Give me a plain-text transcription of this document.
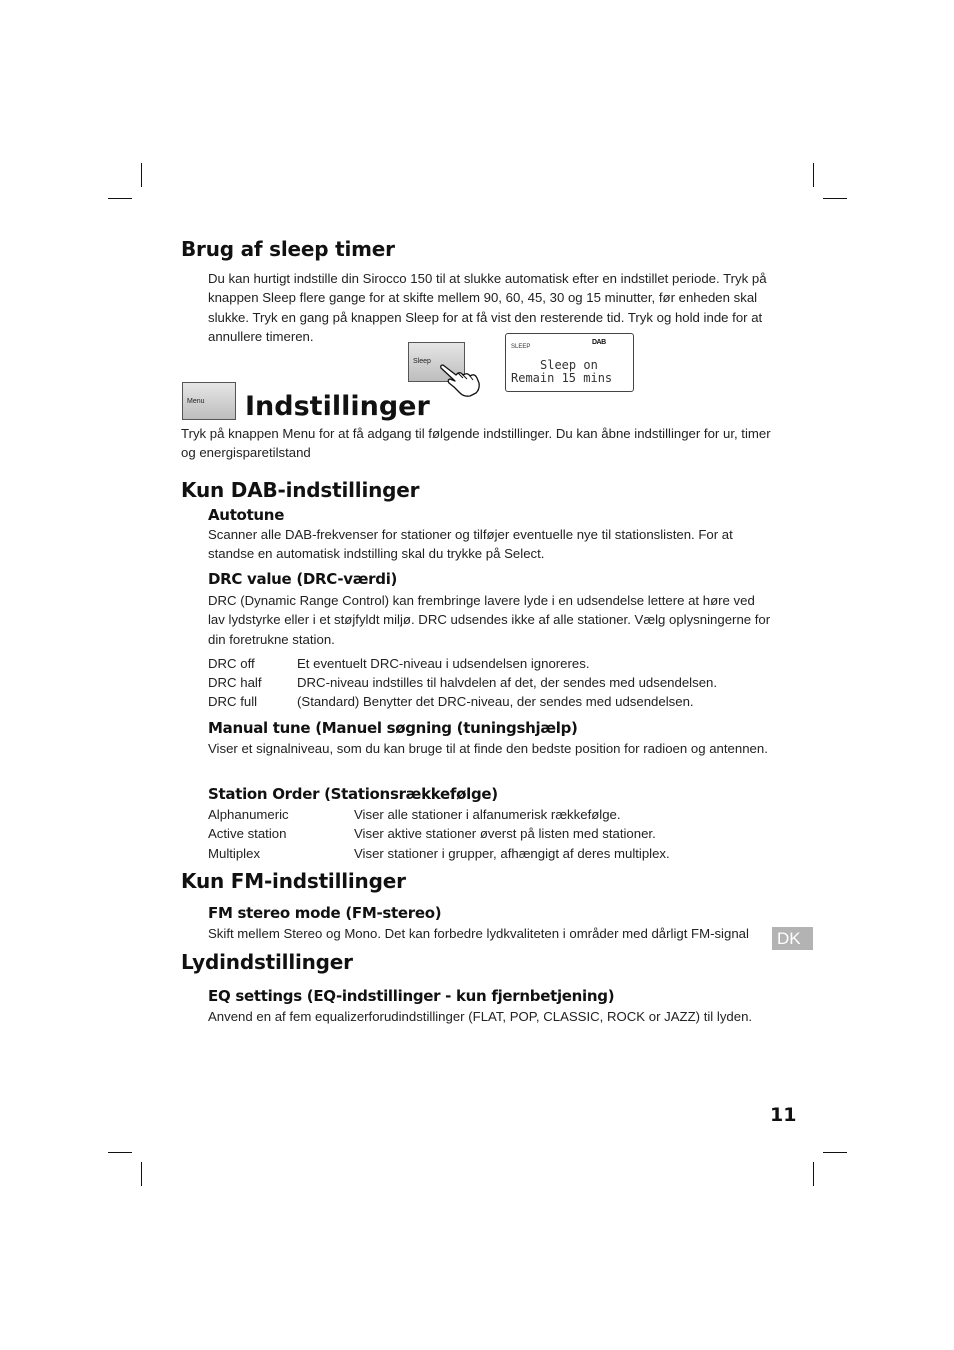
Brug af sleep timer

Du kan hurtigt indstille din Sirocco 150 til at slukke automatisk efter en indstillet periode. Tryk på knappen Sleep flere gange for at skifte mellem 90, 60, 45, 30 og 15 minutter, før enheden skal slukke. Tryk en gang på knappen Sleep for at få vist den resterende tid. Tryk og hold inde for at annullere timeren.

Sleep
SLEEP
DAB
Sleep on
Remain 15 mins
Menu Indstillinger

Tryk på knappen Menu for at få adgang til følgende indstillinger. Du kan åbne indstillinger for ur, timer og energisparetilstand

Kun DAB-indstillinger
Autotune

Scanner alle DAB-frekvenser for stationer og tilføjer eventuelle nye til stationslisten. For at standse en automatisk indstilling skal du trykke på Select.

DRC value (DRC-værdi)

DRC (Dynamic Range Control) kan frembringe lavere lyde i en udsendelse lettere at høre ved lav lydstyrke eller i et støjfyldt miljø. DRC udsendes ikke af alle stationer. Vælg oplysningerne for din foretrukne station.

DRC off	Et eventuelt DRC-niveau i udsendelsen ignoreres.
DRC half	DRC-niveau indstilles til halvdelen af det, der sendes med udsendelsen.
DRC full	(Standard) Benytter det DRC-niveau, der sendes med udsendelsen.
Manual tune (Manuel søgning (tuningshjælp)

Viser et signalniveau, som du kan bruge til at finde den bedste position for radioen og antennen.

Station Order (Stationsrækkefølge)
Alphanumeric	Viser alle stationer i alfanumerisk rækkefølge.
Active station	Viser aktive stationer øverst på listen med stationer.
Multiplex	Viser stationer i grupper, afhængigt af deres multiplex.
Kun FM-indstillinger
FM stereo mode (FM-stereo)

Skift mellem Stereo og Mono. Det kan forbedre lydkvaliteten i områder med dårligt FM-signal	DK
Lydindstillinger
EQ settings (EQ-indstillinger - kun fjernbetjening)

Anvend en af fem equalizerforudindstillinger (FLAT, POP, CLASSIC, ROCK or JAZZ) til lyden.

11
